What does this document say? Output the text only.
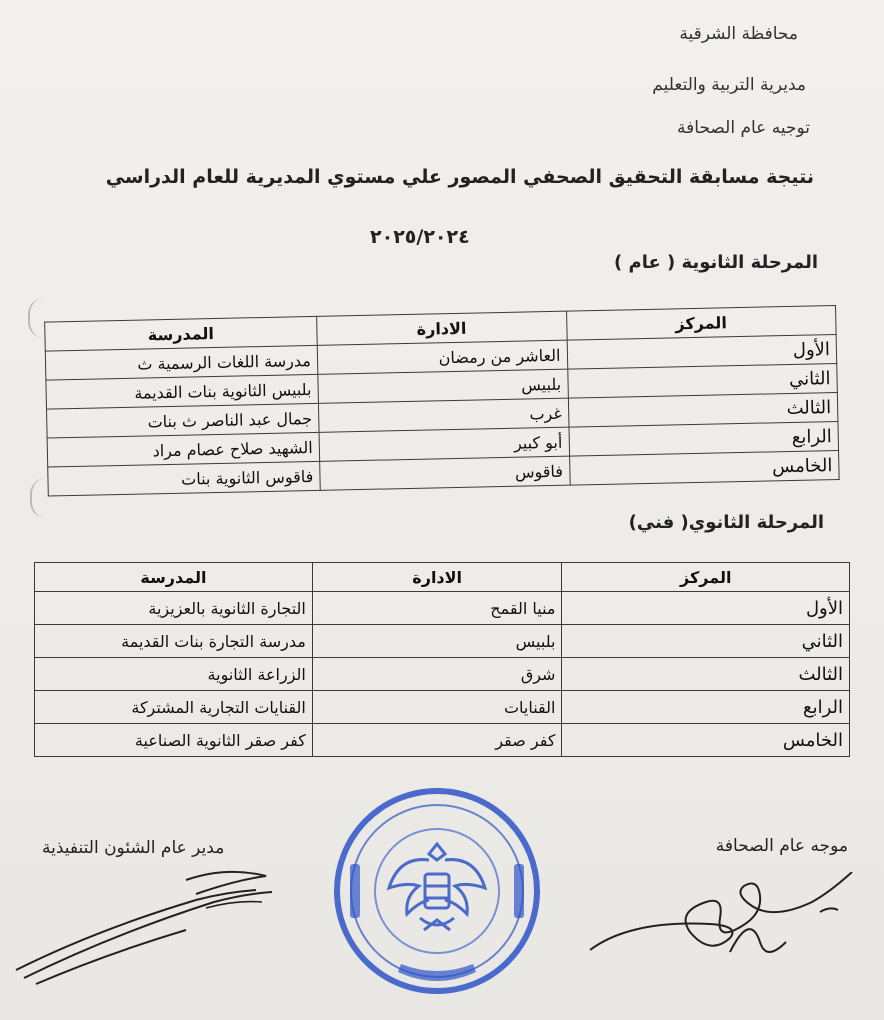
محافظة الشرقية
مديرية التربية والتعليم
توجيه عام الصحافة
نتيجة مسابقة التحقيق الصحفي المصور علي مستوي المديرية للعام الدراسي
٢٠٢٥/٢٠٢٤
المرحلة الثانوية ( عام )
المركز	الادارة	المدرسة
الأول	العاشر من رمضان	مدرسة اللغات الرسمية ث
الثاني	بلبيس	بلبيس الثانوية بنات القديمة
الثالث	غرب	جمال عبد الناصر ث بنات
الرابع	أبو كبير	الشهيد صلاح عصام مراد
الخامس	فاقوس	فاقوس الثانوية بنات
المرحلة الثانوي( فني)
المركز	الادارة	المدرسة
الأول	منيا القمح	التجارة الثانوية بالعزيزية
الثاني	بلبيس	مدرسة التجارة بنات القديمة
الثالث	شرق	الزراعة الثانوية
الرابع	القنايات	القنايات التجارية المشتركة
الخامس	كفر صقر	كفر صقر الثانوية الصناعية
موجه عام الصحافة
مدير عام الشئون التنفيذية
